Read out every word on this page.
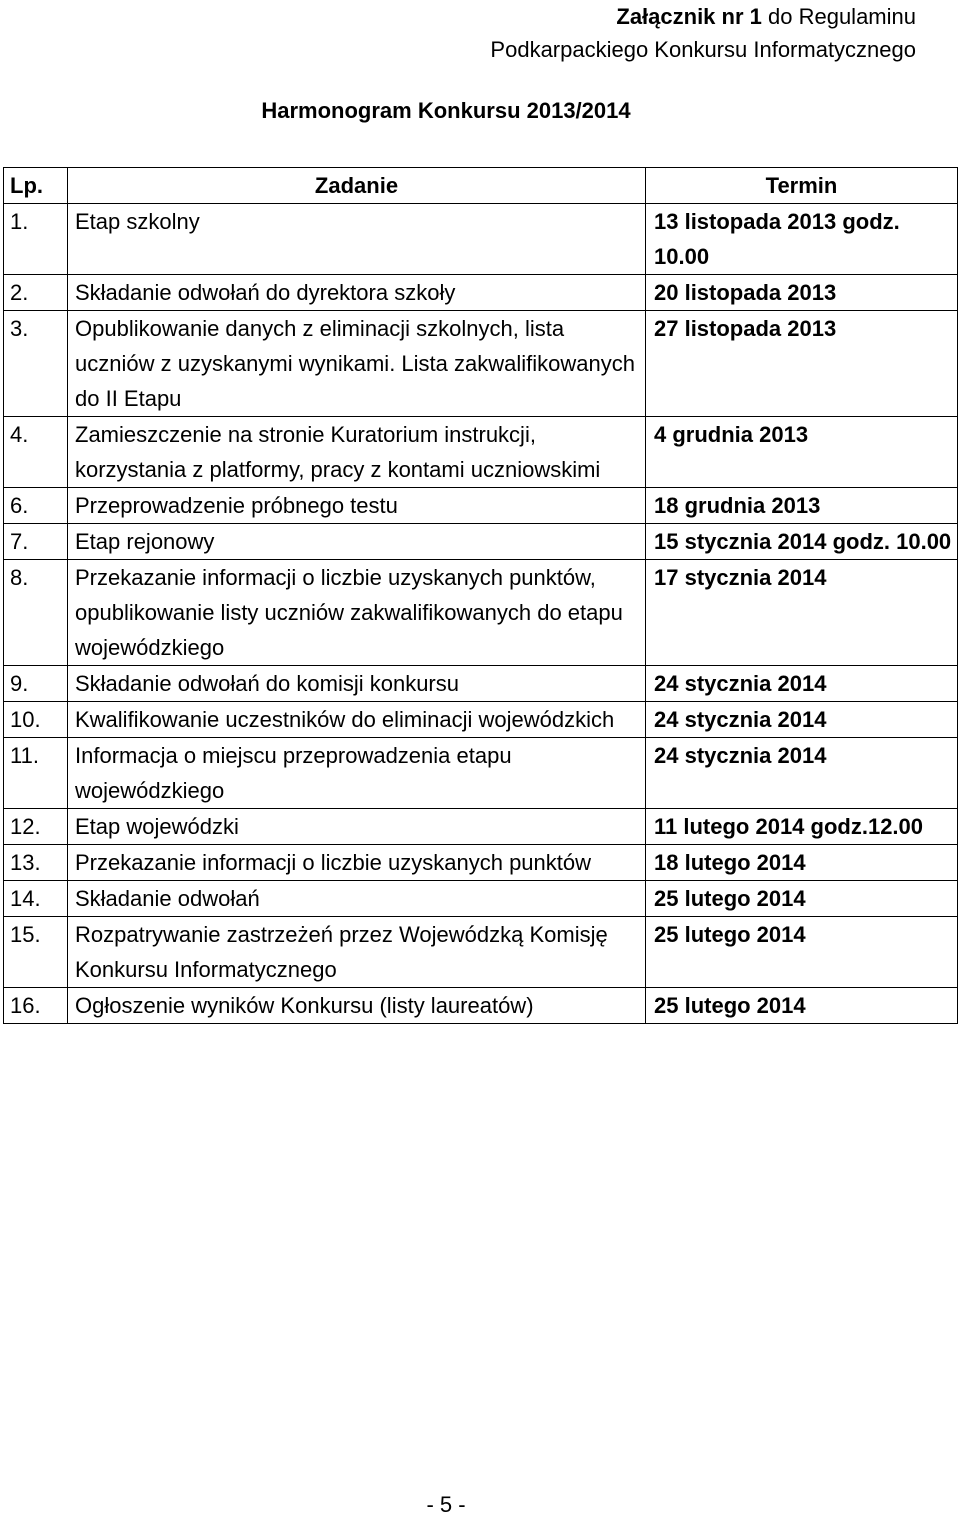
Załącznik nr 1 do Regulaminu
Podkarpackiego Konkursu Informatycznego
Harmonogram Konkursu 2013/2014
Lp.	Zadanie	Termin
1.	Etap szkolny	13 listopada 2013 godz. 10.00
2.	Składanie odwołań do dyrektora szkoły	20 listopada 2013
3.	Opublikowanie danych z eliminacji szkolnych, lista uczniów z uzyskanymi wynikami. Lista zakwalifikowanych do II Etapu	27 listopada 2013
4.	Zamieszczenie na stronie Kuratorium instrukcji, korzystania z platformy, pracy z kontami uczniowskimi	4 grudnia 2013
6.	Przeprowadzenie próbnego testu	18 grudnia 2013
7.	Etap rejonowy	15 stycznia 2014 godz. 10.00
8.	Przekazanie informacji o liczbie uzyskanych punktów, opublikowanie listy uczniów zakwalifikowanych do etapu wojewódzkiego	17 stycznia 2014
9.	Składanie odwołań do komisji konkursu	24 stycznia 2014
10.	Kwalifikowanie uczestników do eliminacji wojewódzkich	24 stycznia 2014
11.	Informacja o miejscu przeprowadzenia etapu wojewódzkiego	24 stycznia 2014
12.	Etap wojewódzki	11 lutego 2014 godz.12.00
13.	Przekazanie informacji o liczbie uzyskanych punktów	18 lutego 2014
14.	Składanie odwołań	25 lutego 2014
15.	Rozpatrywanie zastrzeżeń przez Wojewódzką Komisję Konkursu Informatycznego	25 lutego 2014
16.	Ogłoszenie wyników Konkursu (listy laureatów)	25 lutego 2014
- 5 -
